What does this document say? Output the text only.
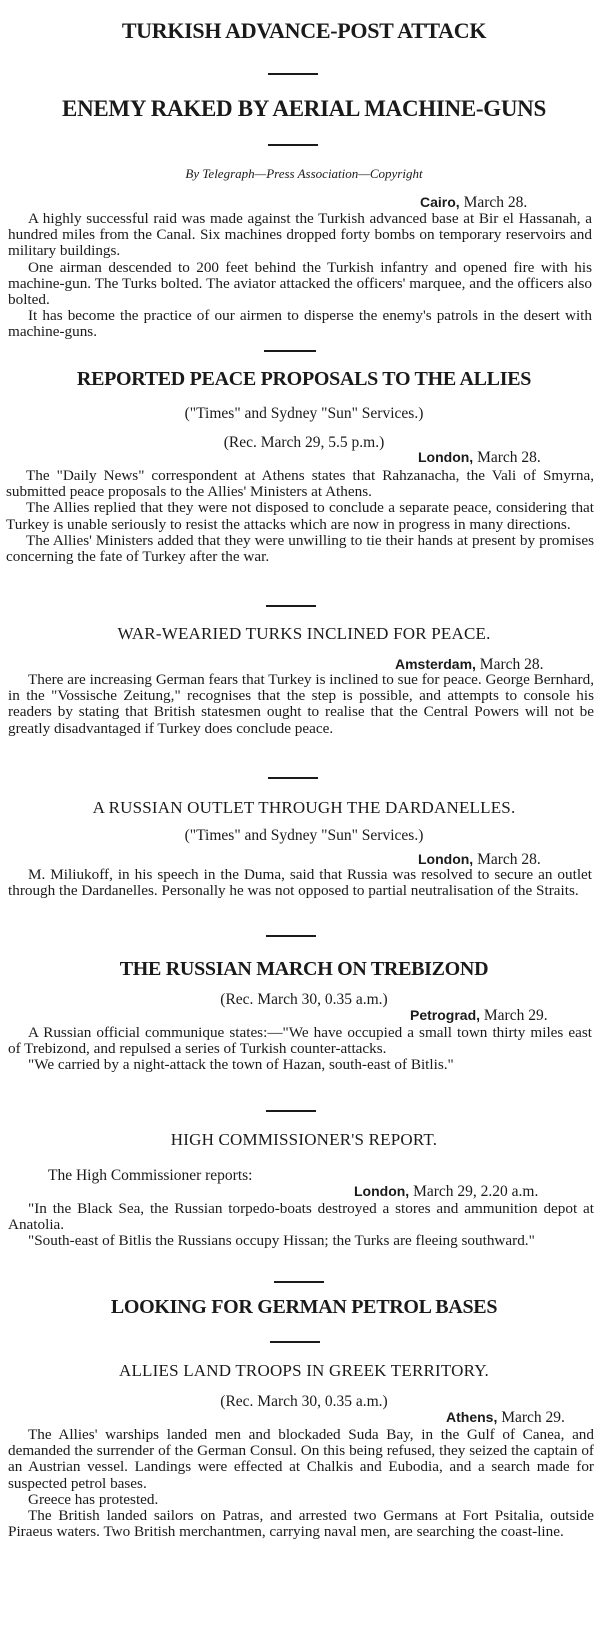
TURKISH ADVANCE-POST ATTACK
ENEMY RAKED BY AERIAL MACHINE-GUNS
By Telegraph—Press Association—Copyright
Cairo, March 28.

A highly successful raid was made against the Turkish advanced base at Bir el Hassanah, a hundred miles from the Canal. Six machines dropped forty bombs on temporary reservoirs and military buildings.

One airman descended to 200 feet behind the Turkish infantry and opened fire with his machine-gun. The Turks bolted. The aviator attacked the officers' marquee, and the officers also bolted.

It has become the practice of our airmen to disperse the enemy's patrols in the desert with machine-guns.

REPORTED PEACE PROPOSALS TO THE ALLIES
("Times" and Sydney "Sun" Services.)
(Rec. March 29, 5.5 p.m.)
London, March 28.

The "Daily News" correspondent at Athens states that Rahzanacha, the Vali of Smyrna, submitted peace proposals to the Allies' Ministers at Athens.

The Allies replied that they were not disposed to conclude a separate peace, considering that Turkey is unable seriously to resist the attacks which are now in progress in many directions.

The Allies' Ministers added that they were unwilling to tie their hands at present by promises concerning the fate of Turkey after the war.

WAR-WEARIED TURKS INCLINED FOR PEACE.
Amsterdam, March 28.

There are increasing German fears that Turkey is inclined to sue for peace. George Bernhard, in the "Vossische Zeitung," recognises that the step is possible, and attempts to console his readers by stating that British statesmen ought to realise that the Central Powers will not be greatly disadvantaged if Turkey does conclude peace.

A RUSSIAN OUTLET THROUGH THE DARDANELLES.
("Times" and Sydney "Sun" Services.)
London, March 28.

M. Miliukoff, in his speech in the Duma, said that Russia was resolved to secure an outlet through the Dardanelles. Personally he was not opposed to partial neutralisation of the Straits.

THE RUSSIAN MARCH ON TREBIZOND
(Rec. March 30, 0.35 a.m.)
Petrograd, March 29.

A Russian official communique states:—"We have occupied a small town thirty miles east of Trebizond, and repulsed a series of Turkish counter-attacks.

"We carried by a night-attack the town of Hazan, south-east of Bitlis."

HIGH COMMISSIONER'S REPORT.
The High Commissioner reports:
London, March 29, 2.20 a.m.

"In the Black Sea, the Russian torpedo-boats destroyed a stores and ammunition depot at Anatolia.

"South-east of Bitlis the Russians occupy Hissan; the Turks are fleeing southward."

LOOKING FOR GERMAN PETROL BASES
ALLIES LAND TROOPS IN GREEK TERRITORY.
(Rec. March 30, 0.35 a.m.)
Athens, March 29.

The Allies' warships landed men and blockaded Suda Bay, in the Gulf of Canea, and demanded the surrender of the German Consul. On this being refused, they seized the captain of an Austrian vessel. Landings were effected at Chalkis and Eubodia, and a search made for suspected petrol bases.

Greece has protested.

The British landed sailors on Patras, and arrested two Germans at Fort Psitalia, outside Piraeus waters. Two British merchantmen, carrying naval men, are searching the coast-line.
